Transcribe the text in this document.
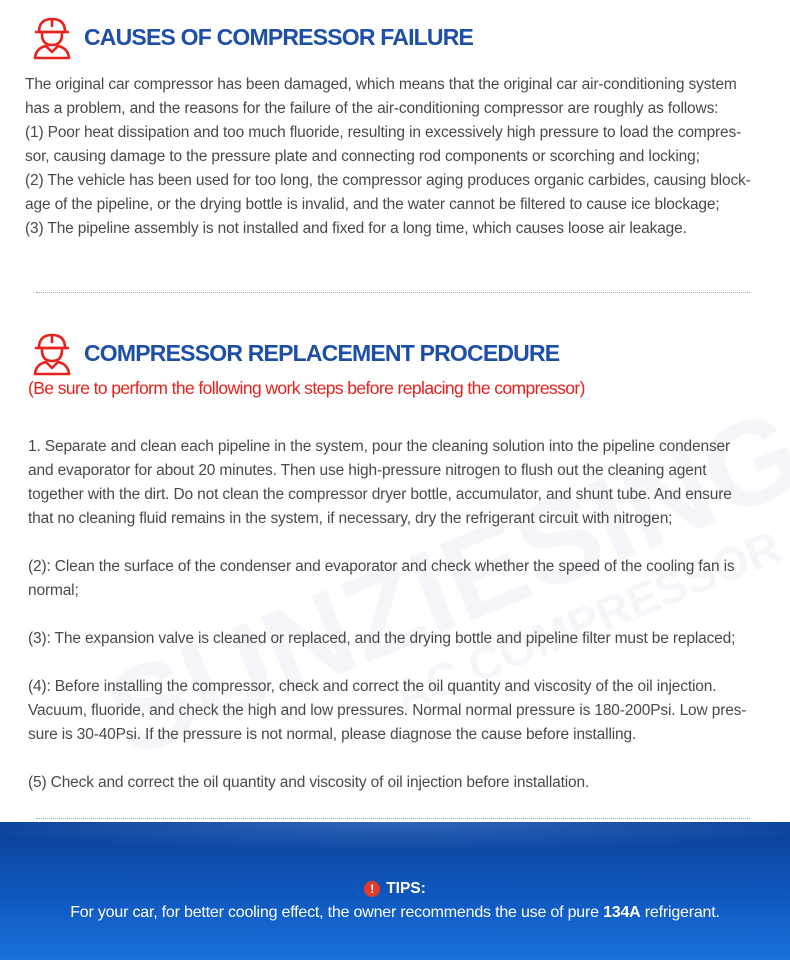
CAUSES OF COMPRESSOR FAILURE

The original car compressor has been damaged, which means that the original car air-conditioning system
has a problem, and the reasons for the failure of the air-conditioning compressor are roughly as follows:
(1) Poor heat dissipation and too much fluoride, resulting in excessively high pressure to load the compres-
sor, causing damage to the pressure plate and connecting rod components or scorching and locking;
(2) The vehicle has been used for too long, the compressor aging produces organic carbides, causing block-
age of the pipeline, or the drying bottle is invalid, and the water cannot be filtered to cause ice blockage;
(3) The pipeline assembly is not installed and fixed for a long time, which causes loose air leakage.

COMPRESSOR REPLACEMENT PROCEDURE
(Be sure to perform the following work steps before replacing the compressor)

1. Separate and clean each pipeline in the system, pour the cleaning solution into the pipeline condenser
and evaporator for about 20 minutes. Then use high-pressure nitrogen to flush out the cleaning agent
together with the dirt. Do not clean the compressor dryer bottle, accumulator, and shunt tube. And ensure
that no cleaning fluid remains in the system, if necessary, dry the refrigerant circuit with nitrogen;

(2): Clean the surface of the condenser and evaporator and check whether the speed of the cooling fan is
normal;

(3): The expansion valve is cleaned or replaced, and the drying bottle and pipeline filter must be replaced;

(4): Before installing the compressor, check and correct the oil quantity and viscosity of the oil injection.
Vacuum, fluoride, and check the high and low pressures. Normal normal pressure is 180-200Psi. Low pres-
sure is 30-40Psi. If the pressure is not normal, please diagnose the cause before installing.

(5) Check and correct the oil quantity and viscosity of oil injection before installation.

! TIPS:
For your car, for better cooling effect, the owner recommends the use of pure 134A refrigerant.
